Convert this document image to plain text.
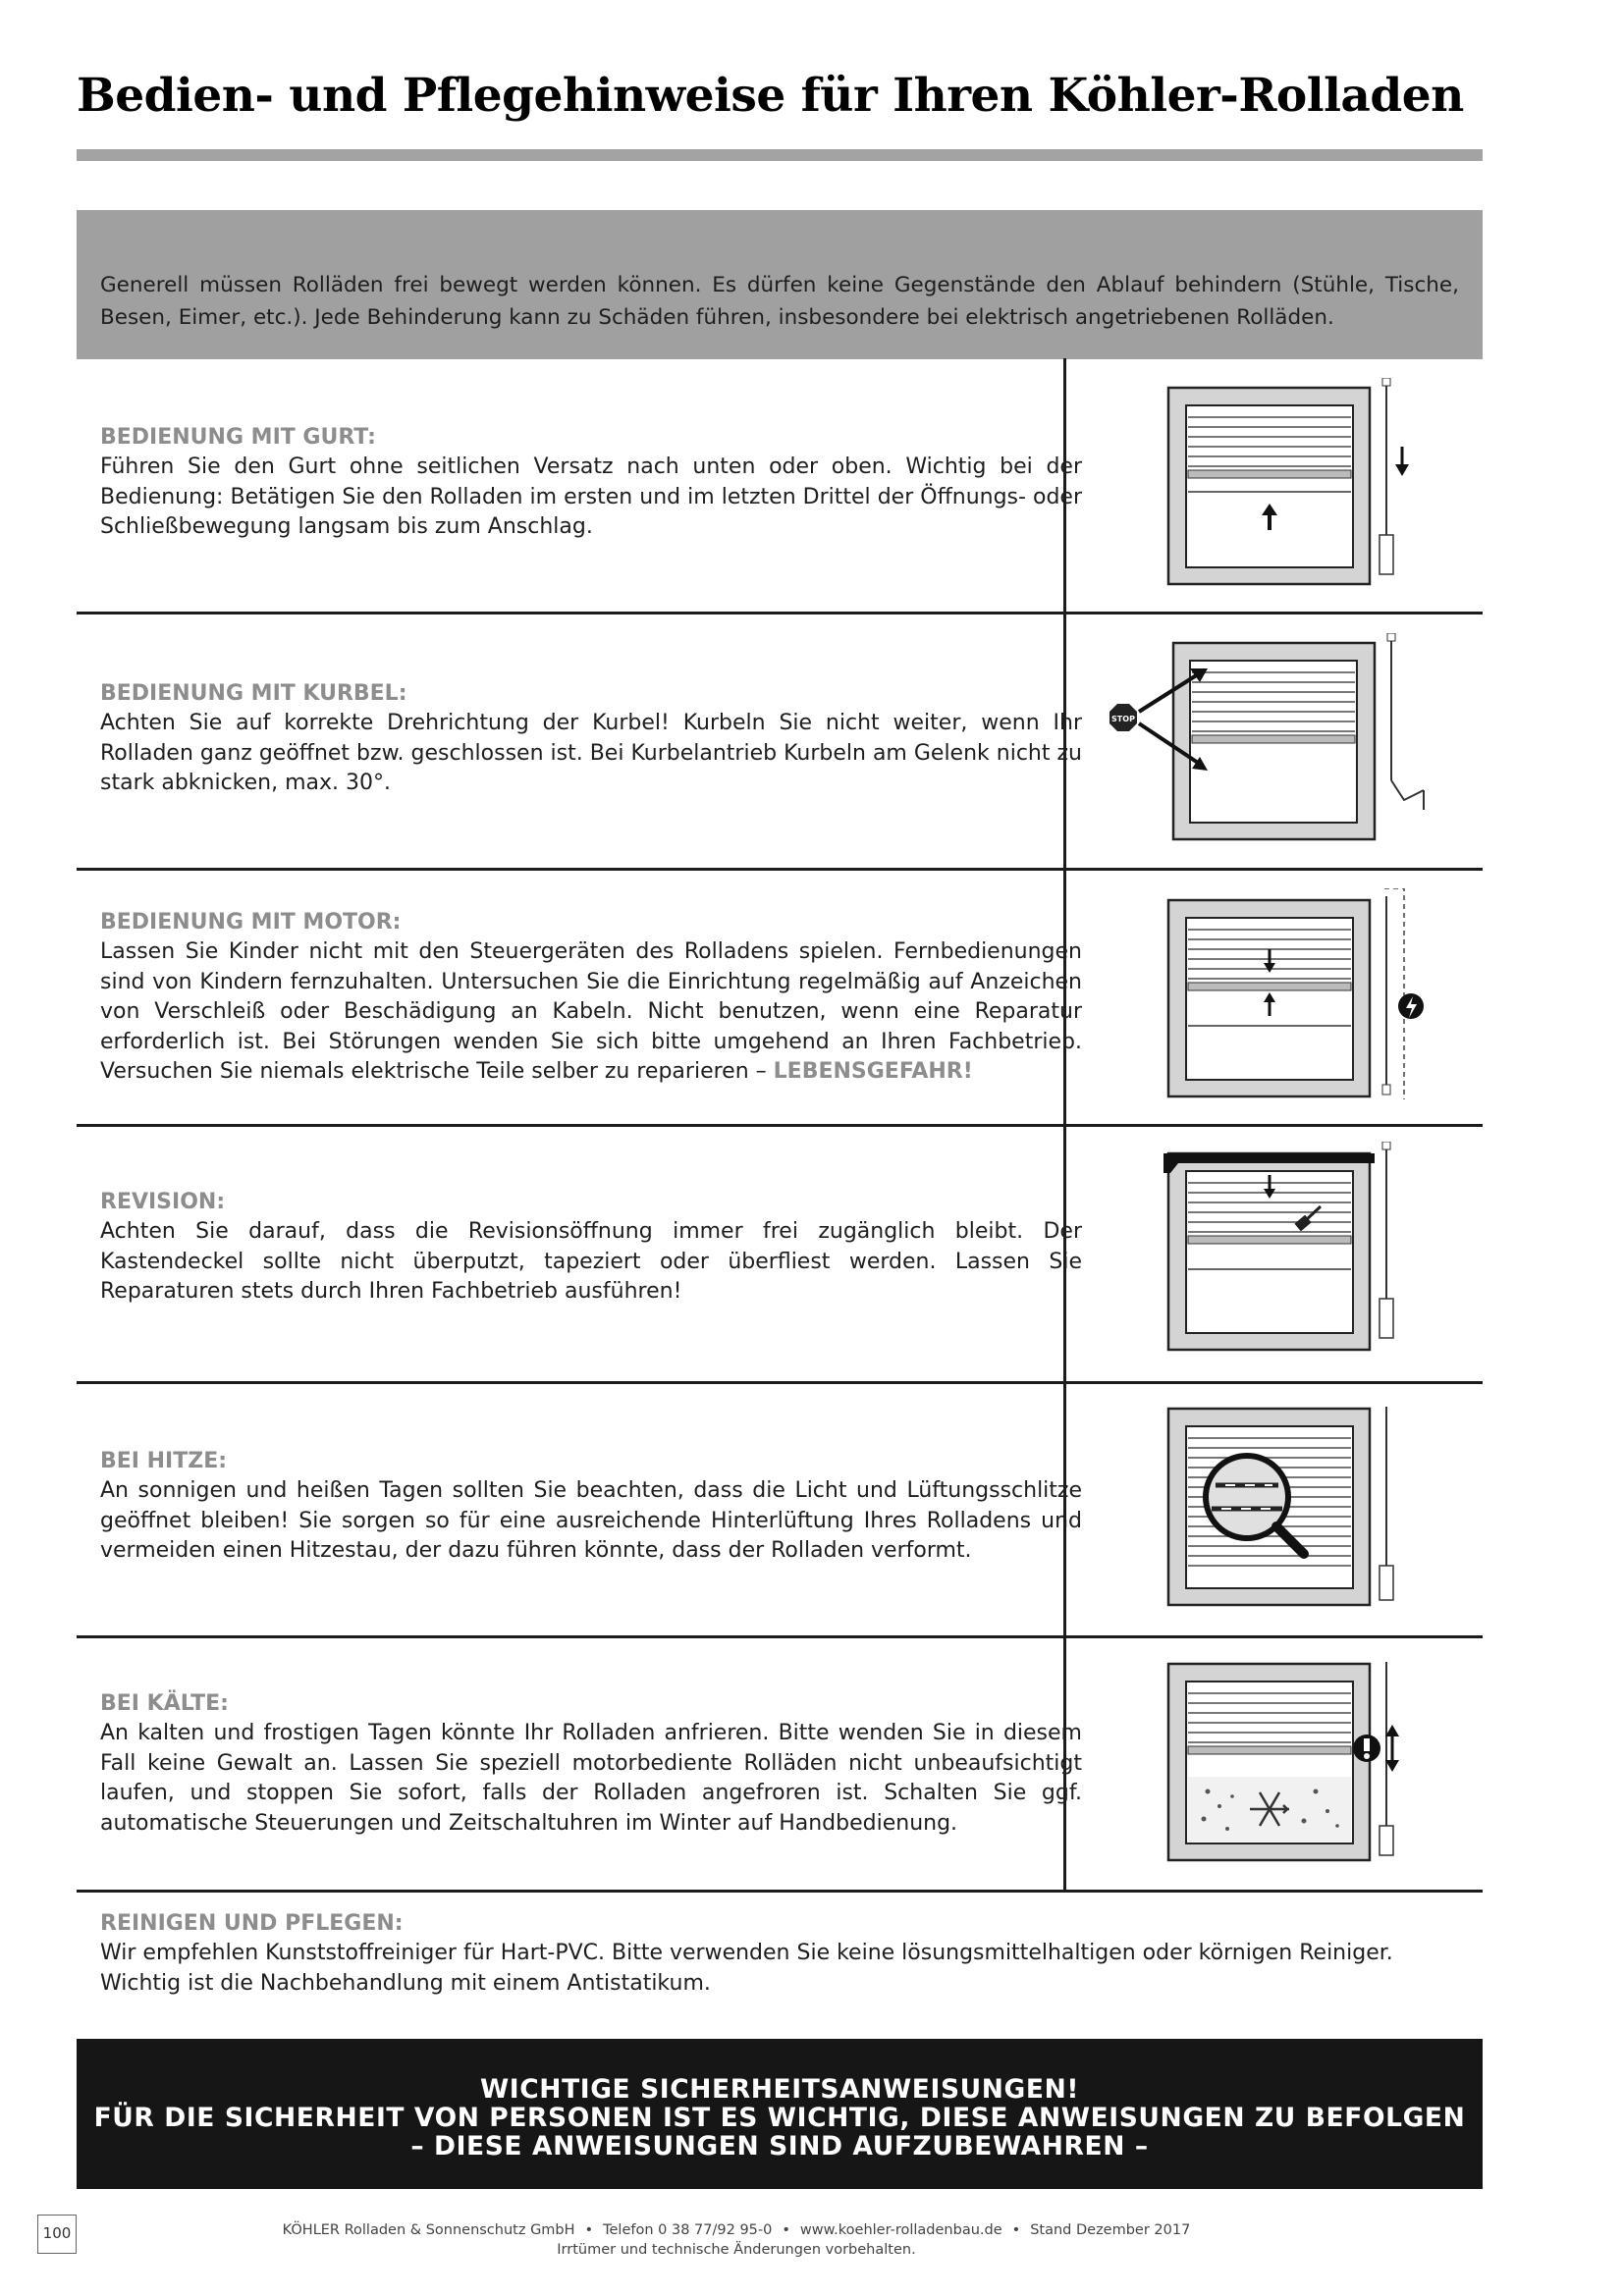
Bedien- und Pflegehinweise für Ihren Köhler-Rolladen

Generell müssen Rolläden frei bewegt werden können. Es dürfen keine Gegenstände den Ablauf behindern (Stühle, Tische, Besen, Eimer, etc.). Jede Behinderung kann zu Schäden führen, insbesondere bei elektrisch angetriebenen Rolläden.

BEDIENUNG MIT GURT:

Führen Sie den Gurt ohne seitlichen Versatz nach unten oder oben. Wichtig bei der Bedienung: Betätigen Sie den Rolladen im ersten und im letzten Drittel der Öffnungs- oder Schließbewegung langsam bis zum Anschlag.

BEDIENUNG MIT KURBEL:

Achten Sie auf korrekte Drehrichtung der Kurbel! Kurbeln Sie nicht weiter, wenn Ihr Rolladen ganz geöffnet bzw. geschlossen ist. Bei Kurbelantrieb Kurbeln am Gelenk nicht zu stark abknicken, max. 30°.

STOP

BEDIENUNG MIT MOTOR:

Lassen Sie Kinder nicht mit den Steuergeräten des Rolladens spielen. Fernbedienungen sind von Kindern fernzuhalten. Untersuchen Sie die Einrichtung regelmäßig auf Anzeichen von Verschleiß oder Beschädigung an Kabeln. Nicht benutzen, wenn eine Reparatur erforderlich ist. Bei Störungen wenden Sie sich bitte umgehend an Ihren Fachbetrieb. Versuchen Sie niemals elektrische Teile selber zu reparieren – LEBENSGEFAHR!

REVISION:

Achten Sie darauf, dass die Revisionsöffnung immer frei zugänglich bleibt. Der Kastendeckel sollte nicht überputzt, tapeziert oder überfliest werden. Lassen Sie Reparaturen stets durch Ihren Fachbetrieb ausführen!

BEI HITZE:

An sonnigen und heißen Tagen sollten Sie beachten, dass die Licht und Lüftungsschlitze geöffnet bleiben! Sie sorgen so für eine ausreichende Hinterlüftung Ihres Rolladens und vermeiden einen Hitzestau, der dazu führen könnte, dass der Rolladen verformt.

BEI KÄLTE:

An kalten und frostigen Tagen könnte Ihr Rolladen anfrieren. Bitte wenden Sie in diesem Fall keine Gewalt an. Lassen Sie speziell motorbediente Rolläden nicht unbeaufsichtigt laufen, und stoppen Sie sofort, falls der Rolladen angefroren ist. Schalten Sie ggf. automatische Steuerungen und Zeitschaltuhren im Winter auf Handbedienung.

REINIGEN UND PFLEGEN:

Wir empfehlen Kunststoffreiniger für Hart-PVC. Bitte verwenden Sie keine lösungsmittelhaltigen oder körnigen Reiniger. Wichtig ist die Nachbehandlung mit einem Antistatikum.

WICHTIGE SICHERHEITSANWEISUNGEN!
FÜR DIE SICHERHEIT VON PERSONEN IST ES WICHTIG, DIESE ANWEISUNGEN ZU BEFOLGEN
– DIESE ANWEISUNGEN SIND AUFZUBEWAHREN –
100	KÖHLER Rolladen & Sonnenschutz GmbH • Telefon 0 38 77/92 95-0 • www.koehler-rolladenbau.de • Stand Dezember 2017
Irrtümer und technische Änderungen vorbehalten.
